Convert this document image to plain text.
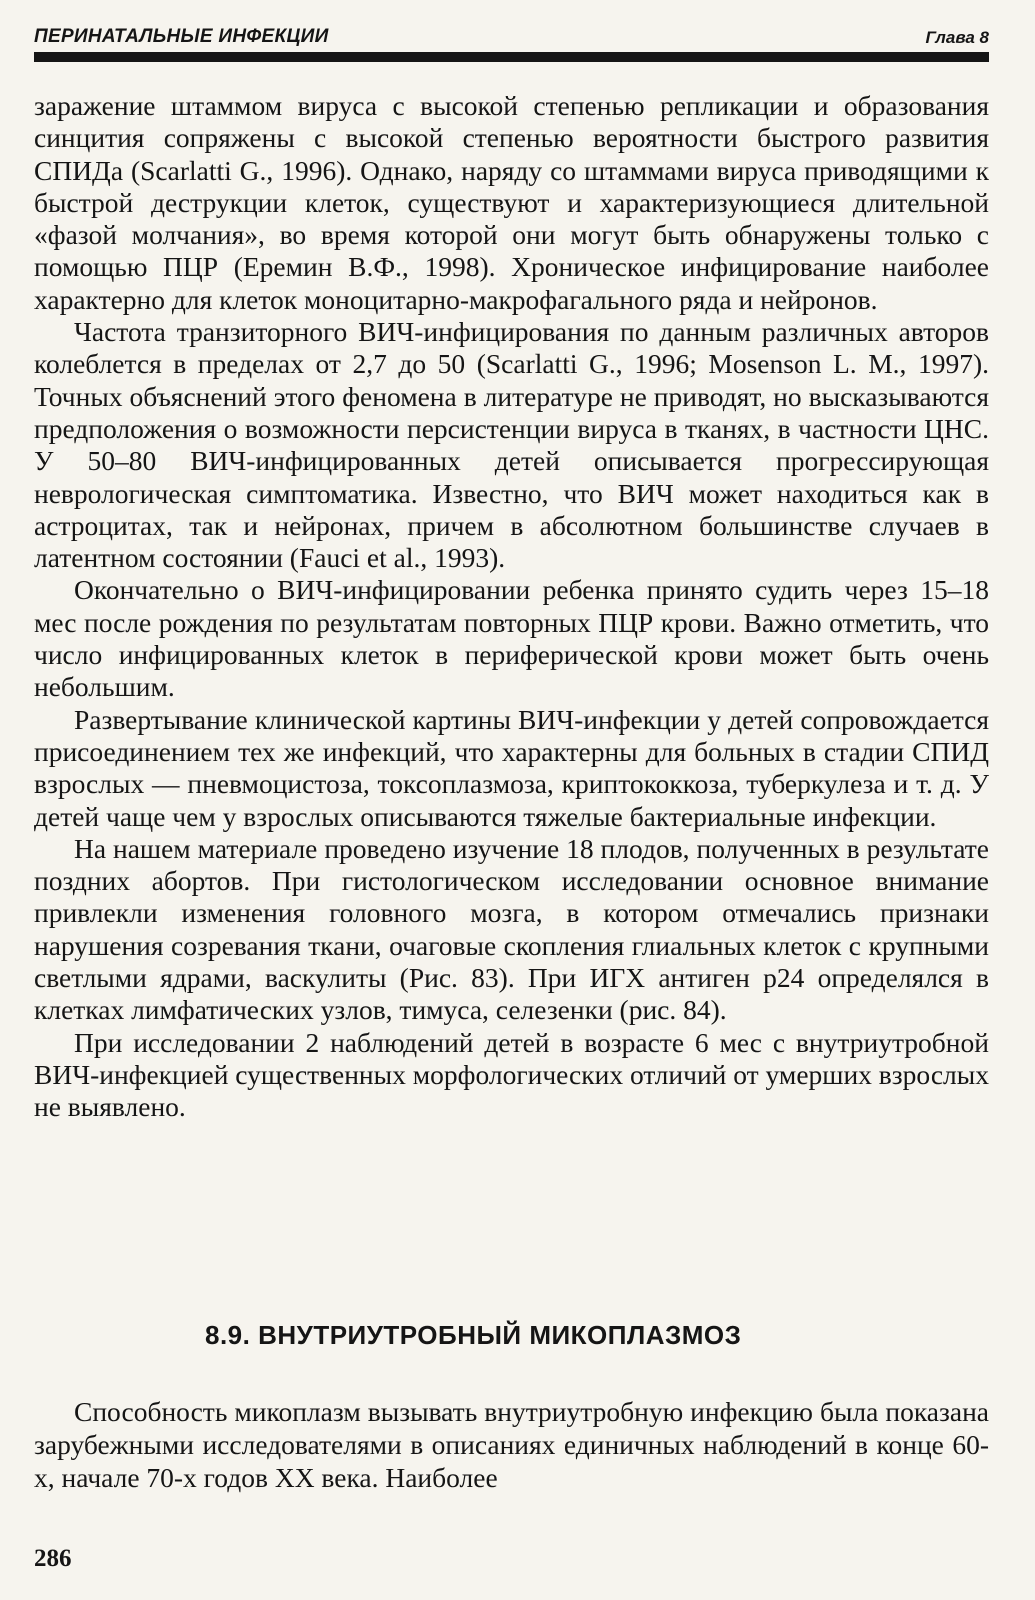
ПЕРИНАТАЛЬНЫЕ ИНФЕКЦИИ	Глава 8

заражение штаммом вируса с высокой степенью репликации и образования синцития сопряжены с высокой степенью вероятности быстрого развития СПИДа (Scarlatti G., 1996). Однако, наряду со штаммами вируса приводящими к быстрой деструкции клеток, существуют и характеризующиеся длительной «фазой молчания», во время которой они могут быть обнаружены только с помощью ПЦР (Еремин В.Ф., 1998). Хроническое инфицирование наиболее характерно для клеток моноцитарно-макрофагального ряда и нейронов.

Частота транзиторного ВИЧ-инфицирования по данным различных авторов колеблется в пределах от 2,7 до 50 (Scarlatti G., 1996; Mosenson L. M., 1997). Точных объяснений этого феномена в литературе не приводят, но высказываются предположения о возможности персистенции вируса в тканях, в частности ЦНС. У 50–80 ВИЧ-инфицированных детей описывается прогрессирующая неврологическая симптоматика. Известно, что ВИЧ может находиться как в астроцитах, так и нейронах, причем в абсолютном большинстве случаев в латентном состоянии (Fauci et al., 1993).

Окончательно о ВИЧ-инфицировании ребенка принято судить через 15–18 мес после рождения по результатам повторных ПЦР крови. Важно отметить, что число инфицированных клеток в периферической крови может быть очень небольшим.

Развертывание клинической картины ВИЧ-инфекции у детей сопровождается присоединением тех же инфекций, что характерны для больных в стадии СПИД взрослых — пневмоцистоза, токсоплазмоза, криптококкоза, туберкулеза и т. д. У детей чаще чем у взрослых описываются тяжелые бактериальные инфекции.

На нашем материале проведено изучение 18 плодов, полученных в результате поздних абортов. При гистологическом исследовании основное внимание привлекли изменения головного мозга, в котором отмечались признаки нарушения созревания ткани, очаговые скопления глиальных клеток с крупными светлыми ядрами, васкулиты (Рис. 83). При ИГХ антиген p24 определялся в клетках лимфатических узлов, тимуса, селезенки (рис. 84).

При исследовании 2 наблюдений детей в возрасте 6 мес с внутриутробной ВИЧ-инфекцией существенных морфологических отличий от умерших взрослых не выявлено.

8.9. ВНУТРИУТРОБНЫЙ МИКОПЛАЗМОЗ

Способность микоплазм вызывать внутриутробную инфекцию была показана зарубежными исследователями в описаниях единичных наблюдений в конце 60-х, начале 70-х годов XX века. Наиболее

286
